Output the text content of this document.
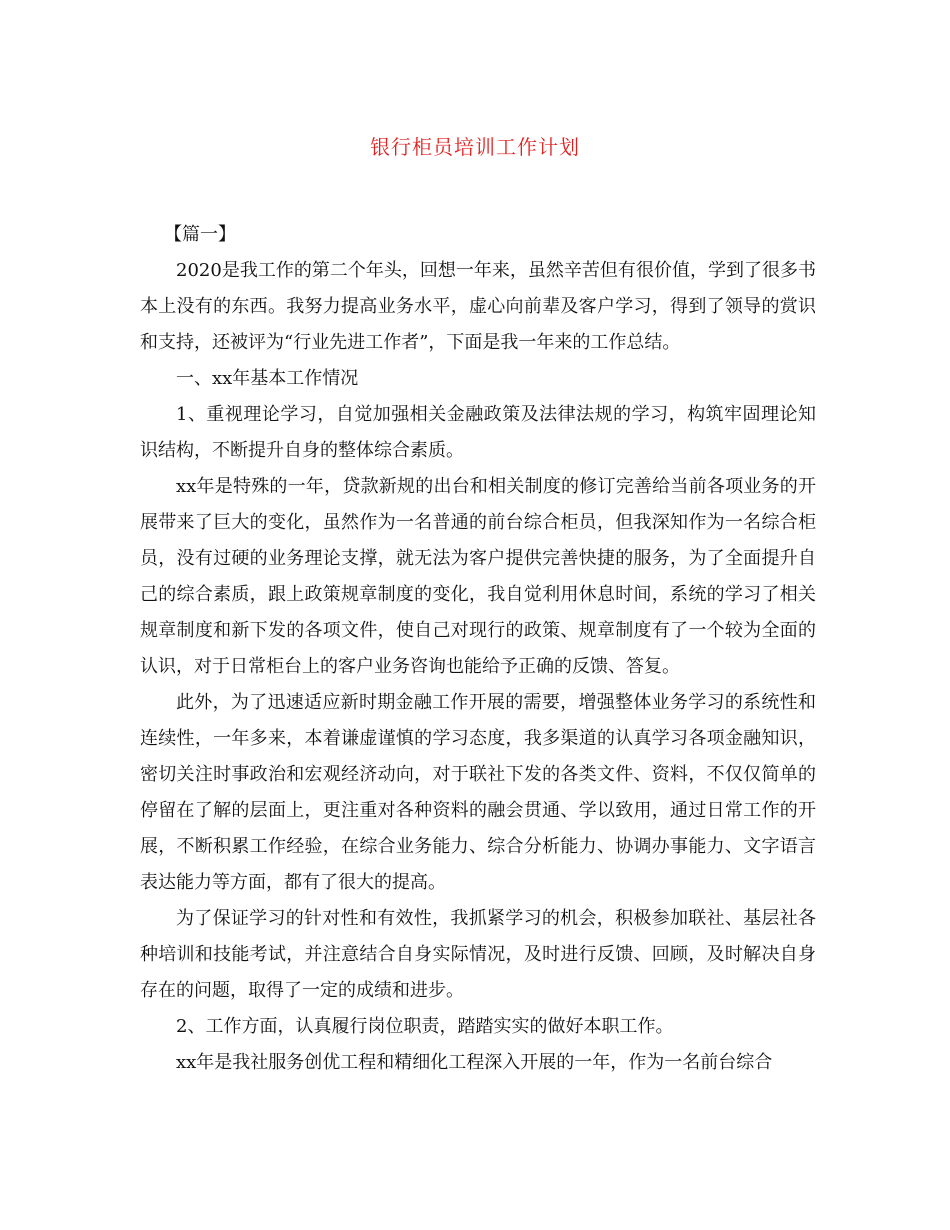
银行柜员培训工作计划

【篇一】

2020是我工作的第二个年头，回想一年来，虽然辛苦但有很价值，学到了很多书本上没有的东西。我努力提高业务水平，虚心向前辈及客户学习，得到了领导的赏识和支持，还被评为“行业先进工作者”，下面是我一年来的工作总结。

一、xx年基本工作情况

1、重视理论学习，自觉加强相关金融政策及法律法规的学习，构筑牢固理论知识结构，不断提升自身的整体综合素质。

xx年是特殊的一年，贷款新规的出台和相关制度的修订完善给当前各项业务的开展带来了巨大的变化，虽然作为一名普通的前台综合柜员，但我深知作为一名综合柜员，没有过硬的业务理论支撑，就无法为客户提供完善快捷的服务，为了全面提升自己的综合素质，跟上政策规章制度的变化，我自觉利用休息时间，系统的学习了相关规章制度和新下发的各项文件，使自己对现行的政策、规章制度有了一个较为全面的认识，对于日常柜台上的客户业务咨询也能给予正确的反馈、答复。

此外，为了迅速适应新时期金融工作开展的需要，增强整体业务学习的系统性和连续性，一年多来，本着谦虚谨慎的学习态度，我多渠道的认真学习各项金融知识，密切关注时事政治和宏观经济动向，对于联社下发的各类文件、资料，不仅仅简单的停留在了解的层面上，更注重对各种资料的融会贯通、学以致用，通过日常工作的开展，不断积累工作经验，在综合业务能力、综合分析能力、协调办事能力、文字语言表达能力等方面，都有了很大的提高。

为了保证学习的针对性和有效性，我抓紧学习的机会，积极参加联社、基层社各种培训和技能考试，并注意结合自身实际情况，及时进行反馈、回顾，及时解决自身存在的问题，取得了一定的成绩和进步。

2、工作方面，认真履行岗位职责，踏踏实实的做好本职工作。

xx年是我社服务创优工程和精细化工程深入开展的一年，作为一名前台综合
